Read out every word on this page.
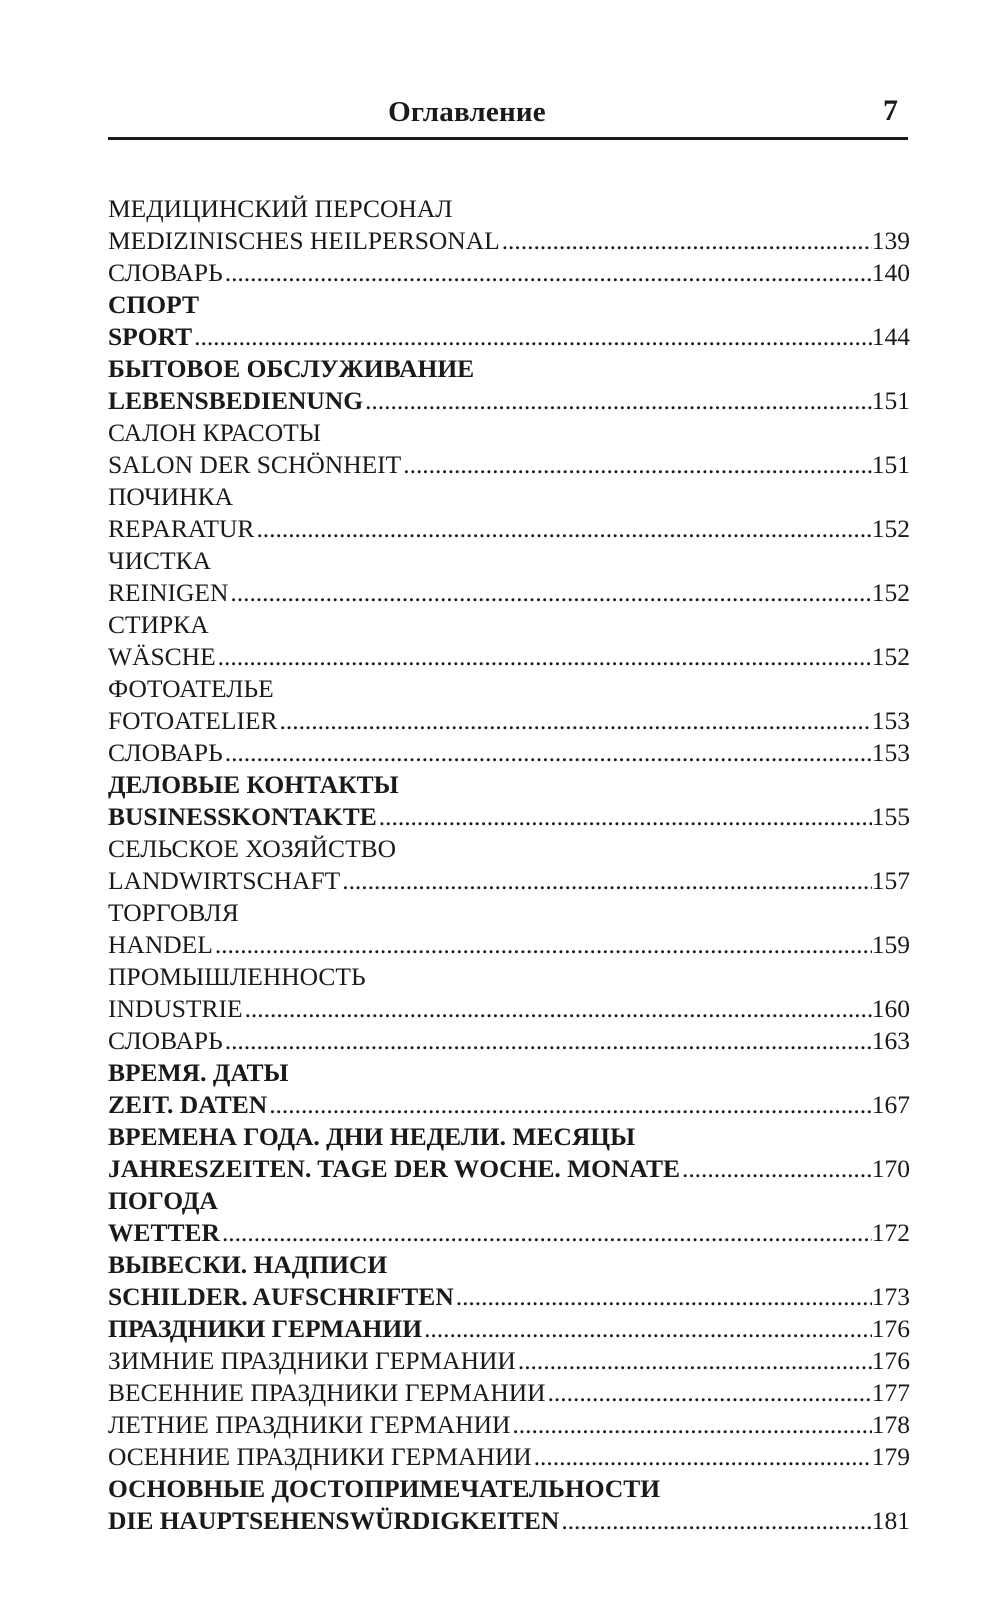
Оглавление	7
МЕДИЦИНСКИЙ ПЕРСОНАЛ
MEDIZINISCHES HEILPERSONAL . . .	139
СЛОВАРЬ . . .	140
СПОРТ
SPORT . . .	144
БЫТОВОЕ ОБСЛУЖИВАНИЕ
LEBENSBEDIENUNG . . .	151
САЛОН КРАСОТЫ
SALON DER SCHÖNHEIT . . .	151
ПОЧИНКА
REPARATUR . . .	152
ЧИСТКА
REINIGEN . . .	152
СТИРКА
WÄSCHE . . .	152
ФОТОАТЕЛЬЕ
FOTOATELIER . . .	153
СЛОВАРЬ . . .	153
ДЕЛОВЫЕ КОНТАКТЫ
BUSINESSKONTAKTE . . .	155
СЕЛЬСКОЕ ХОЗЯЙСТВО
LANDWIRTSCHAFT . . .	157
ТОРГОВЛЯ
HANDEL . . .	159
ПРОМЫШЛЕННОСТЬ
INDUSTRIE . . .	160
СЛОВАРЬ . . .	163
ВРЕМЯ. ДАТЫ
ZEIT. DATEN . . .	167
ВРЕМЕНА ГОДА. ДНИ НЕДЕЛИ. МЕСЯЦЫ
JAHRESZEITEN. TAGE DER WOCHE. MONATE . . .	170
ПОГОДА
WETTER . . .	172
ВЫВЕСКИ. НАДПИСИ
SCHILDER. AUFSCHRIFTEN . . .	173
ПРАЗДНИКИ ГЕРМАНИИ . . .	176
ЗИМНИЕ ПРАЗДНИКИ ГЕРМАНИИ . . .	176
ВЕСЕННИЕ ПРАЗДНИКИ ГЕРМАНИИ . . .	177
ЛЕТНИЕ ПРАЗДНИКИ ГЕРМАНИИ . . .	178
ОСЕННИЕ ПРАЗДНИКИ ГЕРМАНИИ . . .	179
ОСНОВНЫЕ ДОСТОПРИМЕЧАТЕЛЬНОСТИ
DIE HAUPTSEHENSWÜRDIGKEITEN . . .	181
